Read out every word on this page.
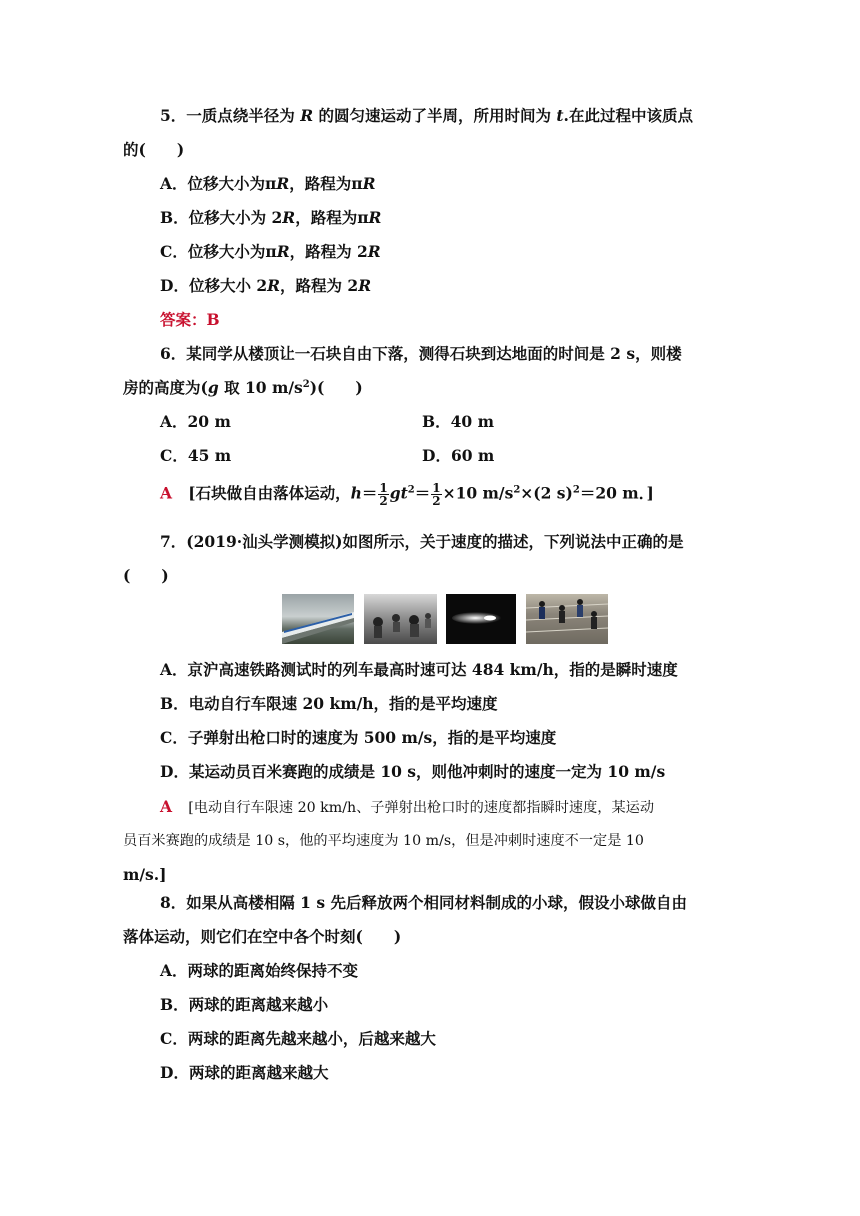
5．一质点绕半径为 R 的圆匀速运动了半周，所用时间为 t.在此过程中该质点
的(　　)
A．位移大小为πR，路程为πR
B．位移大小为 2R，路程为πR
C．位移大小为πR，路程为 2R
D．位移大小 2R，路程为 2R
答案：B
6．某同学从楼顶让一石块自由下落，测得石块到达地面的时间是 2 s，则楼
房的高度为(g 取 10 $m/s^2$)(　　)
A．20 m	B．40 m
C．45 m	D．60 m
A [石块做自由落体运动，$h= \frac{1}{2} gt^2= \frac{1}{2} \times 10$ $m/s^2\times(2$ s)$^2$＝20 m．]
7．(2019·汕头学测模拟)如图所示，关于速度的描述，下列说法中正确的是
(　　)
A．京沪高速铁路测试时的列车最高时速可达 484 km/h，指的是瞬时速度
B．电动自行车限速 20 km/h，指的是平均速度
C．子弹射出枪口时的速度为 500 m/s，指的是平均速度
D．某运动员百米赛跑的成绩是 10 s，则他冲刺时的速度一定为 10 m/s
A [电动自行车限速 20 km/h、子弹射出枪口时的速度都指瞬时速度，某运动
员百米赛跑的成绩是 10 s，他的平均速度为 10 m/s，但是冲刺时速度不一定是 10
m/s.]
8．如果从高楼相隔 1 s 先后释放两个相同材料制成的小球，假设小球做自由
落体运动，则它们在空中各个时刻(　　)
A．两球的距离始终保持不变
B．两球的距离越来越小
C．两球的距离先越来越小，后越来越大
D．两球的距离越来越大
